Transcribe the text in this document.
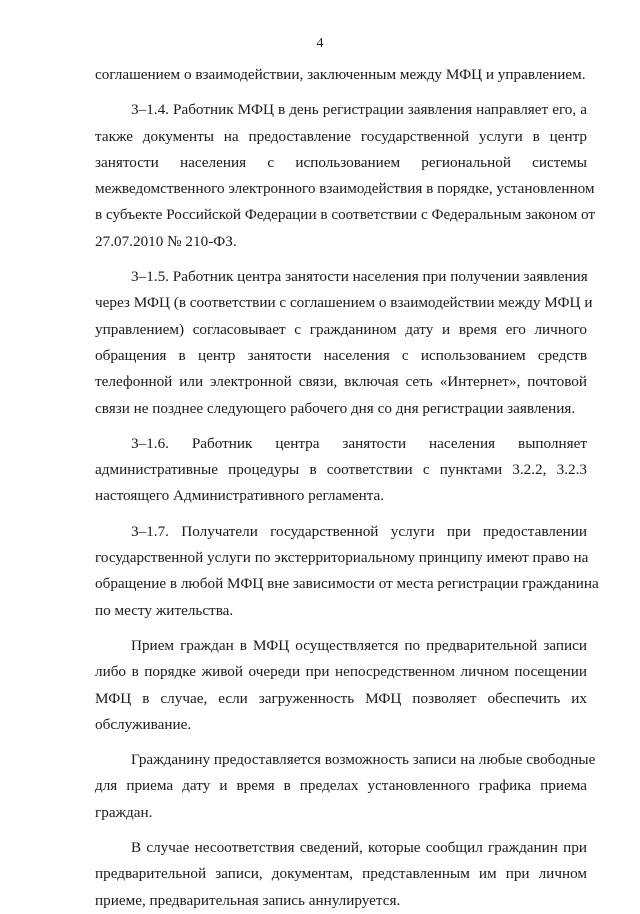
4
соглашением о взаимодействии, заключенным между МФЦ и управлением.
3–1.4. Работник МФЦ в день регистрации заявления направляет его, а
также документы на предоставление государственной услуги в центр
занятости населения с использованием региональной системы
межведомственного электронного взаимодействия в порядке, установленном
в субъекте Российской Федерации в соответствии с Федеральным законом от
27.07.2010 № 210-ФЗ.
3–1.5. Работник центра занятости населения при получении заявления
через МФЦ (в соответствии с соглашением о взаимодействии между МФЦ и
управлением) согласовывает с гражданином дату и время его личного
обращения в центр занятости населения с использованием средств
телефонной или электронной связи, включая сеть «Интернет», почтовой
связи не позднее следующего рабочего дня со дня регистрации заявления.
3–1.6. Работник центра занятости населения выполняет
административные процедуры в соответствии с пунктами 3.2.2, 3.2.3
настоящего Административного регламента.
3–1.7. Получатели государственной услуги при предоставлении
государственной услуги по экстерриториальному принципу имеют право на
обращение в любой МФЦ вне зависимости от места регистрации гражданина
по месту жительства.
Прием граждан в МФЦ осуществляется по предварительной записи
либо в порядке живой очереди при непосредственном личном посещении
МФЦ в случае, если загруженность МФЦ позволяет обеспечить их
обслуживание.
Гражданину предоставляется возможность записи на любые свободные
для приема дату и время в пределах установленного графика приема
граждан.
В случае несоответствия сведений, которые сообщил гражданин при
предварительной записи, документам, представленным им при личном
приеме, предварительная запись аннулируется.
